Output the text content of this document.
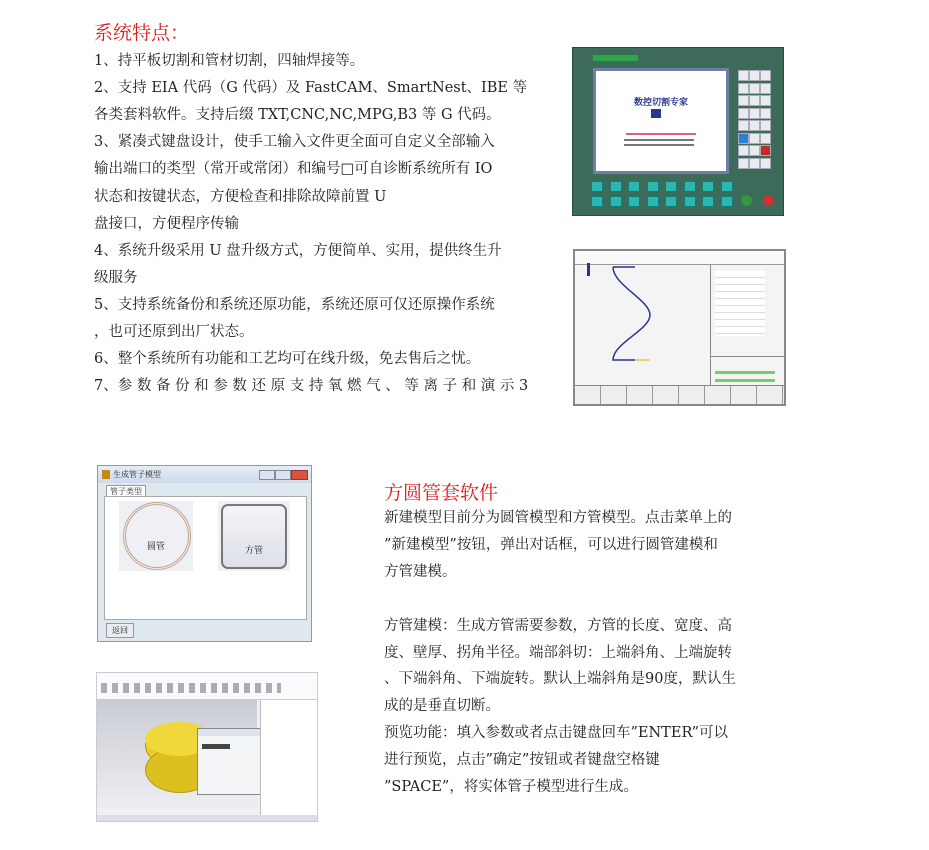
系统特点：
1、持平板切割和管材切割，四轴焊接等。
2、支持 EIA 代码（G 代码）及 FastCAM、SmartNest、IBE 等
各类套料软件。支持后缀 TXT,CNC,NC,MPG,B3 等 G 代码。
3、紧凑式键盘设计，使手工输入文件更全面可自定义全部输入
输出端口的类型（常开或常闭）和编号□可自诊断系统所有 IO
状态和按键状态，方便检查和排除故障前置 U
盘接口，方便程序传输
4、系统升级采用 U 盘升级方式，方便简单、实用，提供终生升
级服务
5、支持系统备份和系统还原功能，系统还原可仅还原操作系统
，也可还原到出厂状态。
6、整个系统所有功能和工艺均可在线升级，免去售后之忧。
7、参 数 备 份 和 参 数 还 原 支 持 氧 燃 气 、 等 离 子 和 演 示 3
方圆管套软件
新建模型目前分为圆管模型和方管模型。点击菜单上的
”新建模型”按钮，弹出对话框，可以进行圆管建模和
方管建模。
方管建模：生成方管需要参数，方管的长度、宽度、高
度、壁厚、拐角半径。端部斜切：上端斜角、上端旋转
、下端斜角、下端旋转。默认上端斜角是90度，默认生
成的是垂直切断。
预览功能：填入参数或者点击键盘回车”ENTER”可以
进行预览，点击”确定”按钮或者键盘空格键
”SPACE”，将实体管子模型进行生成。
数控切割专家
生成管子模型
管子类型
圆管	方管
返回
